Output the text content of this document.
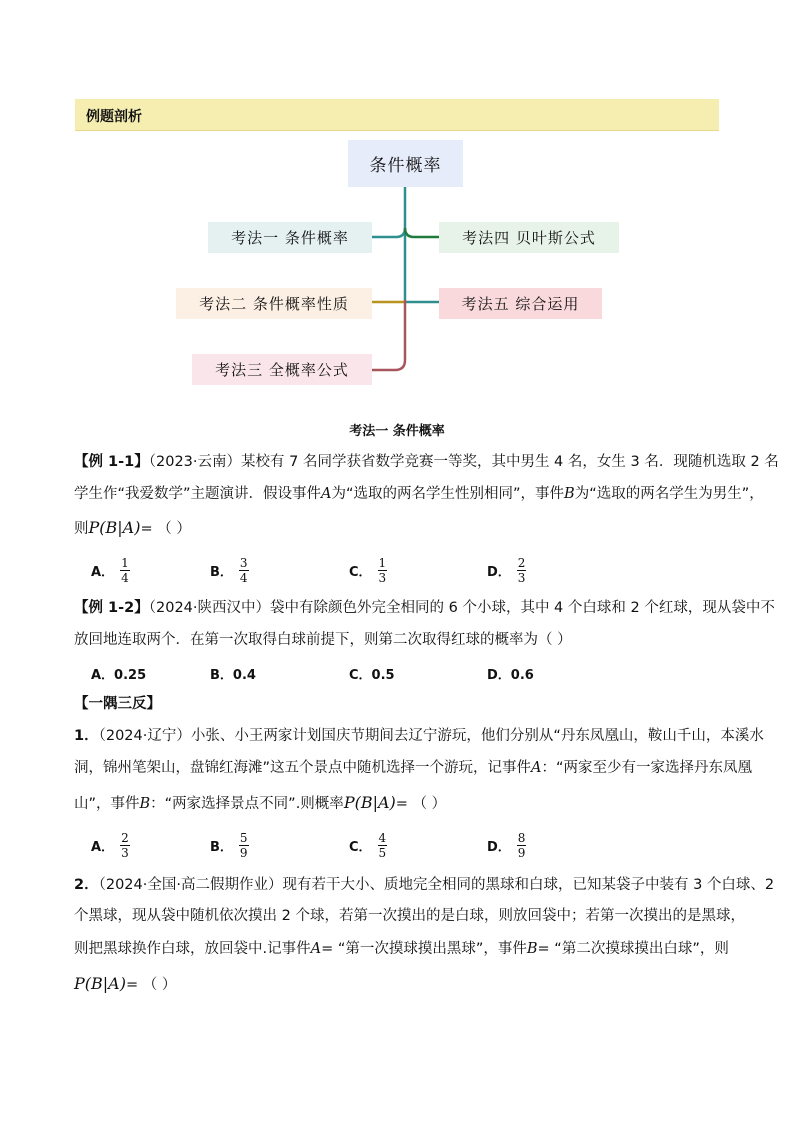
例题剖析
条件概率
考法一 条件概率
考法二 条件概率性质
考法三 全概率公式
考法四 贝叶斯公式
考法五 综合运用
考法一 条件概率
【例 1-1】（2023·云南）某校有 7 名同学获省数学竞赛一等奖，其中男生 4 名，女生 3 名．现随机选取 2 名
学生作“我爱数学”主题演讲．假设事件A为“选取的两名学生性别相同”，事件B为“选取的两名学生为男生”，
则P(B|A)= （ ）
A． $\frac{1}{4}$	B． $\frac{3}{4}$	C． $\frac{1}{3}$	D． $\frac{2}{3}$
【例 1-2】（2024·陕西汉中）袋中有除颜色外完全相同的 6 个小球，其中 4 个白球和 2 个红球，现从袋中不
放回地连取两个．在第一次取得白球前提下，则第二次取得红球的概率为（ ）
A．0.25	B．0.4	C．0.5	D．0.6
【一隅三反】
1．（2024·辽宁）小张、小王两家计划国庆节期间去辽宁游玩，他们分别从“丹东凤凰山，鞍山千山，本溪水
洞，锦州笔架山，盘锦红海滩”这五个景点中随机选择一个游玩，记事件A：“两家至少有一家选择丹东凤凰
山”，事件B：“两家选择景点不同”.则概率P(B|A)= （ ）
A． $\frac{2}{3}$	B． $\frac{5}{9}$	C． $\frac{4}{5}$	D． $\frac{8}{9}$
2．（2024·全国·高二假期作业）现有若干大小、质地完全相同的黑球和白球，已知某袋子中装有 3 个白球、2
个黑球，现从袋中随机依次摸出 2 个球，若第一次摸出的是白球，则放回袋中；若第一次摸出的是黑球，
则把黑球换作白球，放回袋中.记事件A= “第一次摸球摸出黑球”，事件B= “第二次摸球摸出白球”，则
P(B|A)= （ ）
